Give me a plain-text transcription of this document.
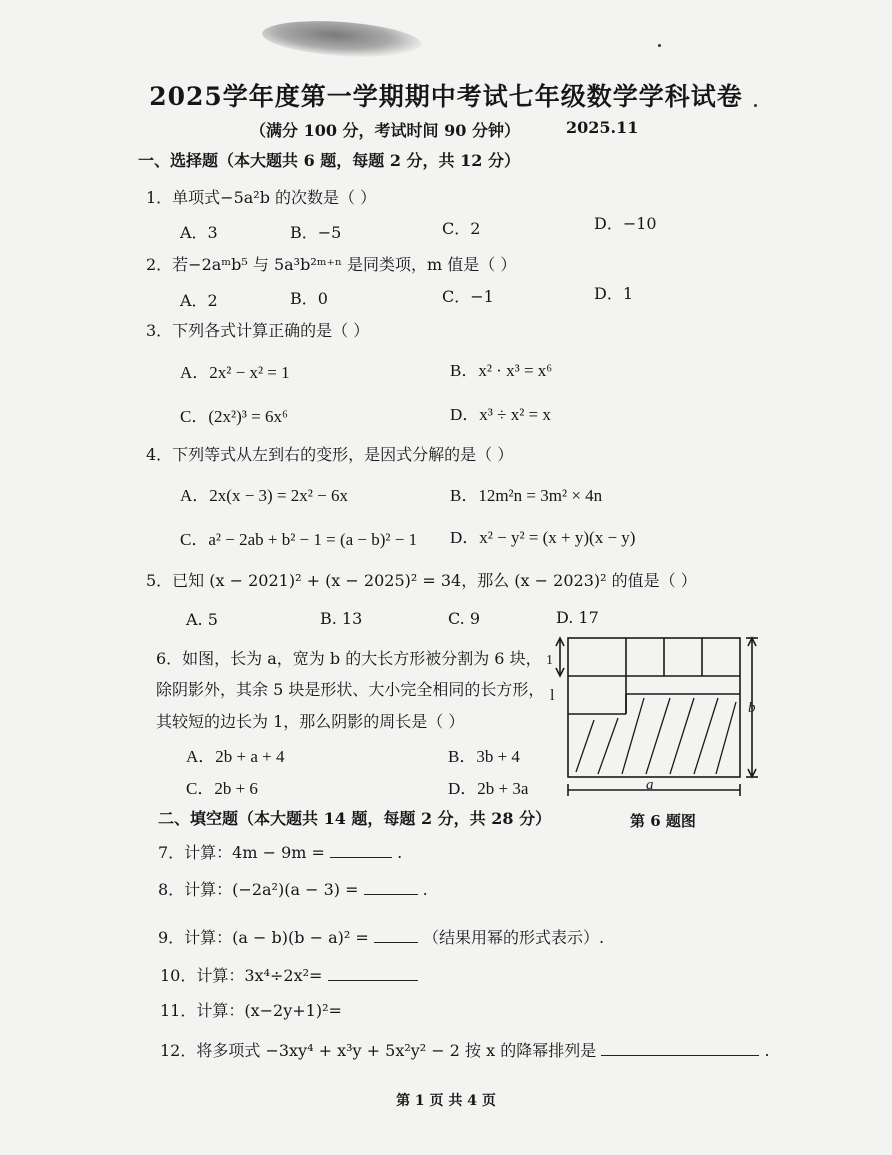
2025学年度第一学期期中考试七年级数学学科试卷
（满分 100 分，考试时间 90 分钟）	2025.11
一、选择题（本大题共 6 题，每题 2 分，共 12 分）
1．单项式−5a²b 的次数是（ ）
A．3	B．−5	C．2	D．−10
2．若−2aᵐb⁵ 与 5a³b²ᵐ⁺ⁿ 是同类项，m 值是（ ）
A．2	B．0	C．−1	D．1
3．下列各式计算正确的是（ ）
A．2x² − x² = 1	B．x² · x³ = x⁶
C．(2x²)³ = 6x⁶	D．x³ ÷ x² = x
4．下列等式从左到右的变形，是因式分解的是（ ）
A．2x(x − 3) = 2x² − 6x	B．12m²n = 3m² × 4n
C．a² − 2ab + b² − 1 = (a − b)² − 1 D．x² − y² = (x + y)(x − y)
5．已知 (x − 2021)² + (x − 2025)² = 34，那么 (x − 2023)² 的值是（ ）
A. 5	B. 13	C. 9	D. 17
6．如图，长为 a，宽为 b 的大长方形被分割为 6 块，
除阴影外，其余 5 块是形状、大小完全相同的长方形，
其较短的边长为 1，那么阴影的周长是（ ）
A．2b + a + 4	B．3b + 4
C．2b + 6	D．2b + 3a	a
b
1
l
第 6 题图
二、填空题（本大题共 14 题，每题 2 分，共 28 分）
7．计算：4m − 9m =	.
8．计算：(−2a²)(a − 3) =	.
9．计算：(a − b)(b − a)² =	（结果用幂的形式表示）.
10．计算：3x⁴÷2x²=
11．计算：(x−2y+1)²=
12．将多项式 −3xy⁴ + x³y + 5x²y² − 2 按 x 的降幂排列是	.
第 1 页 共 4 页
